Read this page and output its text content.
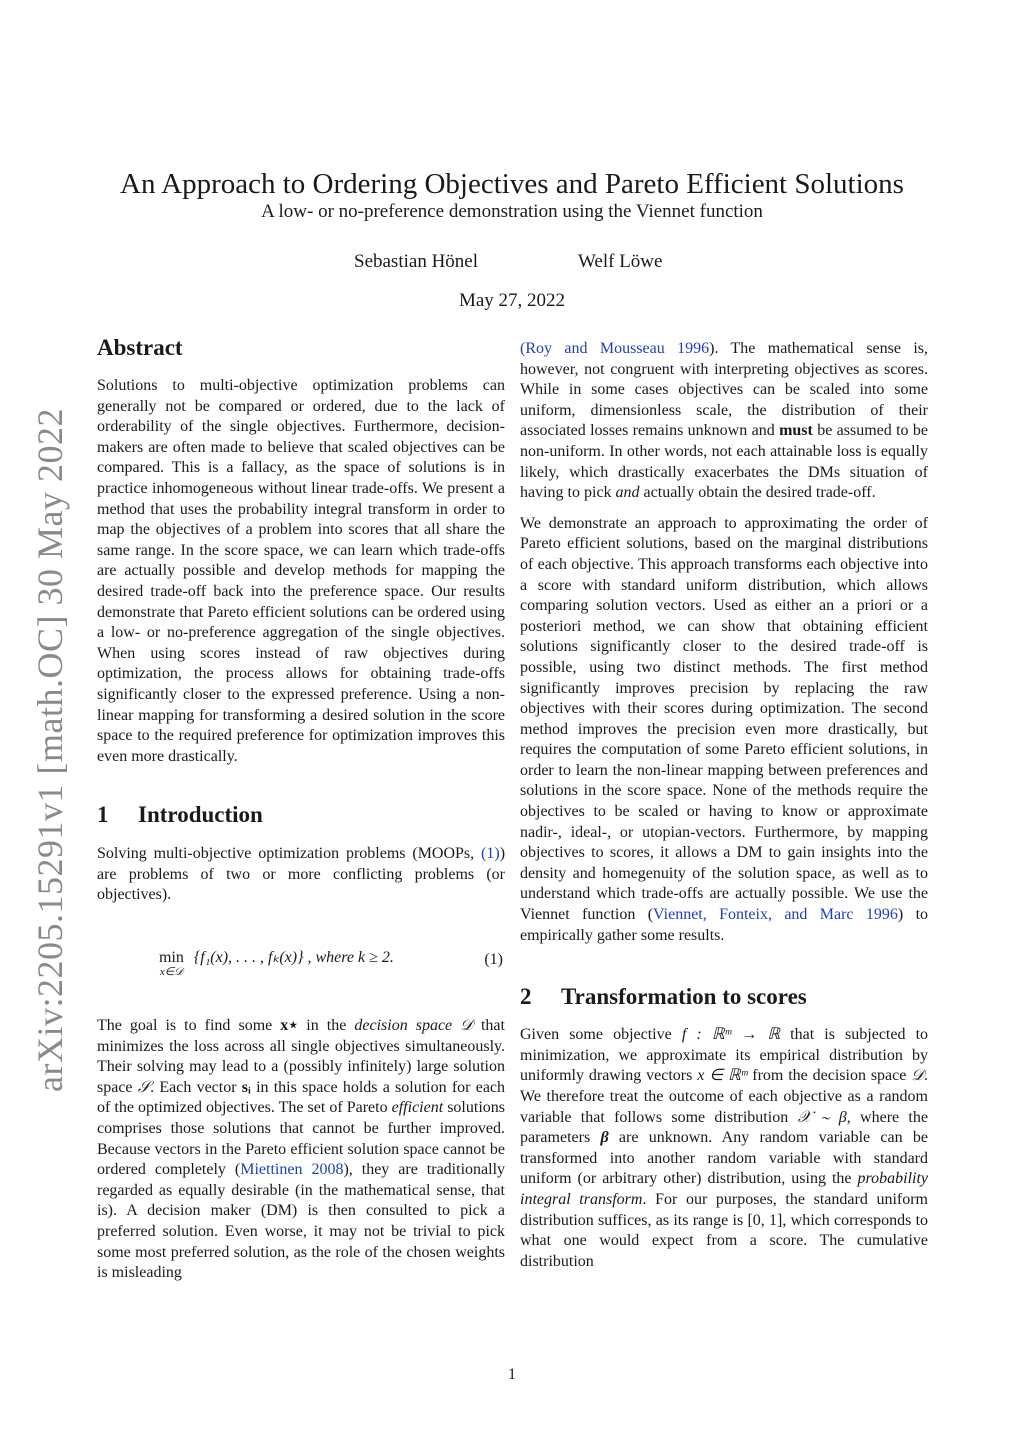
arXiv:2205.15291v1 [math.OC] 30 May 2022
An Approach to Ordering Objectives and Pareto Efficient Solutions
A low- or no-preference demonstration using the Viennet function
Sebastian Hönel	Welf Löwe
May 27, 2022
Abstract

Solutions to multi-objective optimization problems can generally not be compared or ordered, due to the lack of orderability of the single objectives. Furthermore, decision-makers are often made to believe that scaled objectives can be compared. This is a fallacy, as the space of solutions is in practice inhomogeneous without linear trade-offs. We present a method that uses the probability integral transform in order to map the objectives of a problem into scores that all share the same range. In the score space, we can learn which trade-offs are actually possible and develop methods for mapping the desired trade-off back into the preference space. Our results demonstrate that Pareto efficient solutions can be ordered using a low- or no-preference aggregation of the single objectives. When using scores instead of raw objectives during optimization, the process allows for obtaining trade-offs significantly closer to the expressed preference. Using a non-linear mapping for transforming a desired solution in the score space to the required preference for optimization improves this even more drastically.

1 Introduction

Solving multi-objective optimization problems (MOOPs, (1)) are problems of two or more conflicting problems (or objectives).

min
x∈𝒟
{f₁(x), . . . , fₖ(x)} , where k ≥ 2.	(1)

The goal is to find some x⋆ in the decision space 𝒟 that minimizes the loss across all single objectives simultaneously. Their solving may lead to a (possibly infinitely) large solution space 𝒮. Each vector sᵢ in this space holds a solution for each of the optimized objectives. The set of Pareto efficient solutions comprises those solutions that cannot be further improved. Because vectors in the Pareto efficient solution space cannot be ordered completely (Miettinen 2008), they are traditionally regarded as equally desirable (in the mathematical sense, that is). A decision maker (DM) is then consulted to pick a preferred solution. Even worse, it may not be trivial to pick some most preferred solution, as the role of the chosen weights is misleading

(Roy and Mousseau 1996). The mathematical sense is, however, not congruent with interpreting objectives as scores. While in some cases objectives can be scaled into some uniform, dimensionless scale, the distribution of their associated losses remains unknown and must be assumed to be non-uniform. In other words, not each attainable loss is equally likely, which drastically exacerbates the DMs situation of having to pick and actually obtain the desired trade-off.

We demonstrate an approach to approximating the order of Pareto efficient solutions, based on the marginal distributions of each objective. This approach transforms each objective into a score with standard uniform distribution, which allows comparing solution vectors. Used as either an a priori or a posteriori method, we can show that obtaining efficient solutions significantly closer to the desired trade-off is possible, using two distinct methods. The first method significantly improves precision by replacing the raw objectives with their scores during optimization. The second method improves the precision even more drastically, but requires the computation of some Pareto efficient solutions, in order to learn the non-linear mapping between preferences and solutions in the score space. None of the methods require the objectives to be scaled or having to know or approximate nadir-, ideal-, or utopian-vectors. Furthermore, by mapping objectives to scores, it allows a DM to gain insights into the density and homegenuity of the solution space, as well as to understand which trade-offs are actually possible. We use the Viennet function (Viennet, Fonteix, and Marc 1996) to empirically gather some results.

2 Transformation to scores

Given some objective f : ℝᵐ → ℝ that is subjected to minimization, we approximate its empirical distribution by uniformly drawing vectors x ∈ ℝᵐ from the decision space 𝒟. We therefore treat the outcome of each objective as a random variable that follows some distribution 𝒳 ∼ β, where the parameters β are unknown. Any random variable can be transformed into another random variable with standard uniform (or arbitrary other) distribution, using the probability integral transform. For our purposes, the standard uniform distribution suffices, as its range is [0, 1], which corresponds to what one would expect from a score. The cumulative distribution

1
